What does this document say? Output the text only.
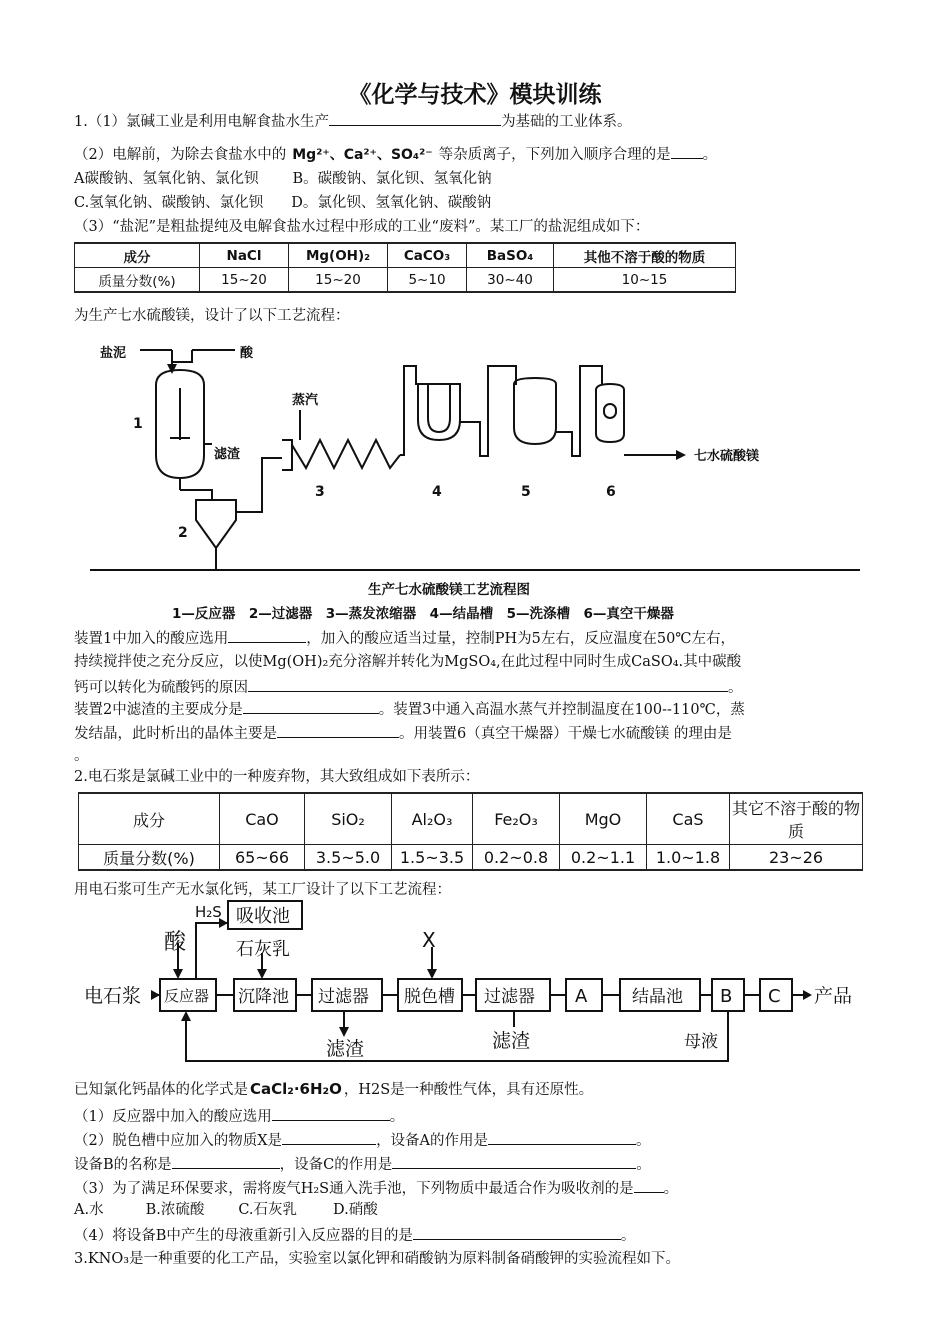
《化学与技术》模块训练
1.（1）氯碱工业是利用电解食盐水生产	为基础的工业体系。
（2）电解前，为除去食盐水中的 Mg²⁺、Ca²⁺、SO₄²⁻ 等杂质离子，下列加入顺序合理的是 。
A碳酸钠、氢氧化钠、氯化钡 B。碳酸钠、氯化钡、氢氧化钠
C.氢氧化钠、碳酸钠、氯化钡 D。氯化钡、氢氧化钠、碳酸钠
（3）“盐泥”是粗盐提纯及电解食盐水过程中形成的工业“废料”。某工厂的盐泥组成如下：
成分	NaCl	Mg(OH)₂	CaCO₃	BaSO₄	其他不溶于酸的物质
质量分数(%)	15~20	15~20	5~10	30~40	10~15
为生产七水硫酸镁，设计了以下工艺流程：
盐泥	酸
蒸汽
滤渣	七水硫酸镁
1
2
3	4	5	6
生产七水硫酸镁工艺流程图
1—反应器　2—过滤器　3—蒸发浓缩器　4—结晶槽　5—洗涤槽　6—真空干燥器
装置1中加入的酸应选用	，加入的酸应适当过量，控制PH为5左右，反应温度在50℃左右，
持续搅拌使之充分反应，以使Mg(OH)₂充分溶解并转化为MgSO₄,在此过程中同时生成CaSO₄.其中碳酸
钙可以转化为硫酸钙的原因	。
装置2中滤渣的主要成分是	。装置3中通入高温水蒸气并控制温度在100--110℃，蒸
发结晶，此时析出的晶体主要是	。用装置6（真空干燥器）干燥七水硫酸镁 的理由是
。
2.电石浆是氯碱工业中的一种废弃物，其大致组成如下表所示：
成分	CaO	SiO₂	Al₂O₃	Fe₂O₃	MgO	CaS	其它不溶于酸的物质
质量分数(%)	65~66	3.5~5.0	1.5~3.5	0.2~0.8	0.2~1.1	1.0~1.8	23~26
用电石浆可生产无水氯化钙，某工厂设计了以下工艺流程：
H₂S 吸收池
酸	石灰乳	X
电石浆 反应器 沉降池 过滤器 脱色槽 过滤器 A	结晶池 B C 产品
滤渣	滤渣	母液
已知氯化钙晶体的化学式是 CaCl₂·6H₂O ，H2S是一种酸性气体，具有还原性。
（1）反应器中加入的酸应选用	。
（2）脱色槽中应加入的物质X是	，设备A的作用是	。
设备B的名称是	，设备C的作用是	。
（3）为了满足环保要求，需将废气H₂S通入洗手池，下列物质中最适合作为吸收剂的是 。
A.水	B.浓硫酸 C.石灰乳 D.硝酸
（4）将设备B中产生的母液重新引入反应器的目的是	。
3.KNO₃是一种重要的化工产品，实验室以氯化钾和硝酸钠为原料制备硝酸钾的实验流程如下。
